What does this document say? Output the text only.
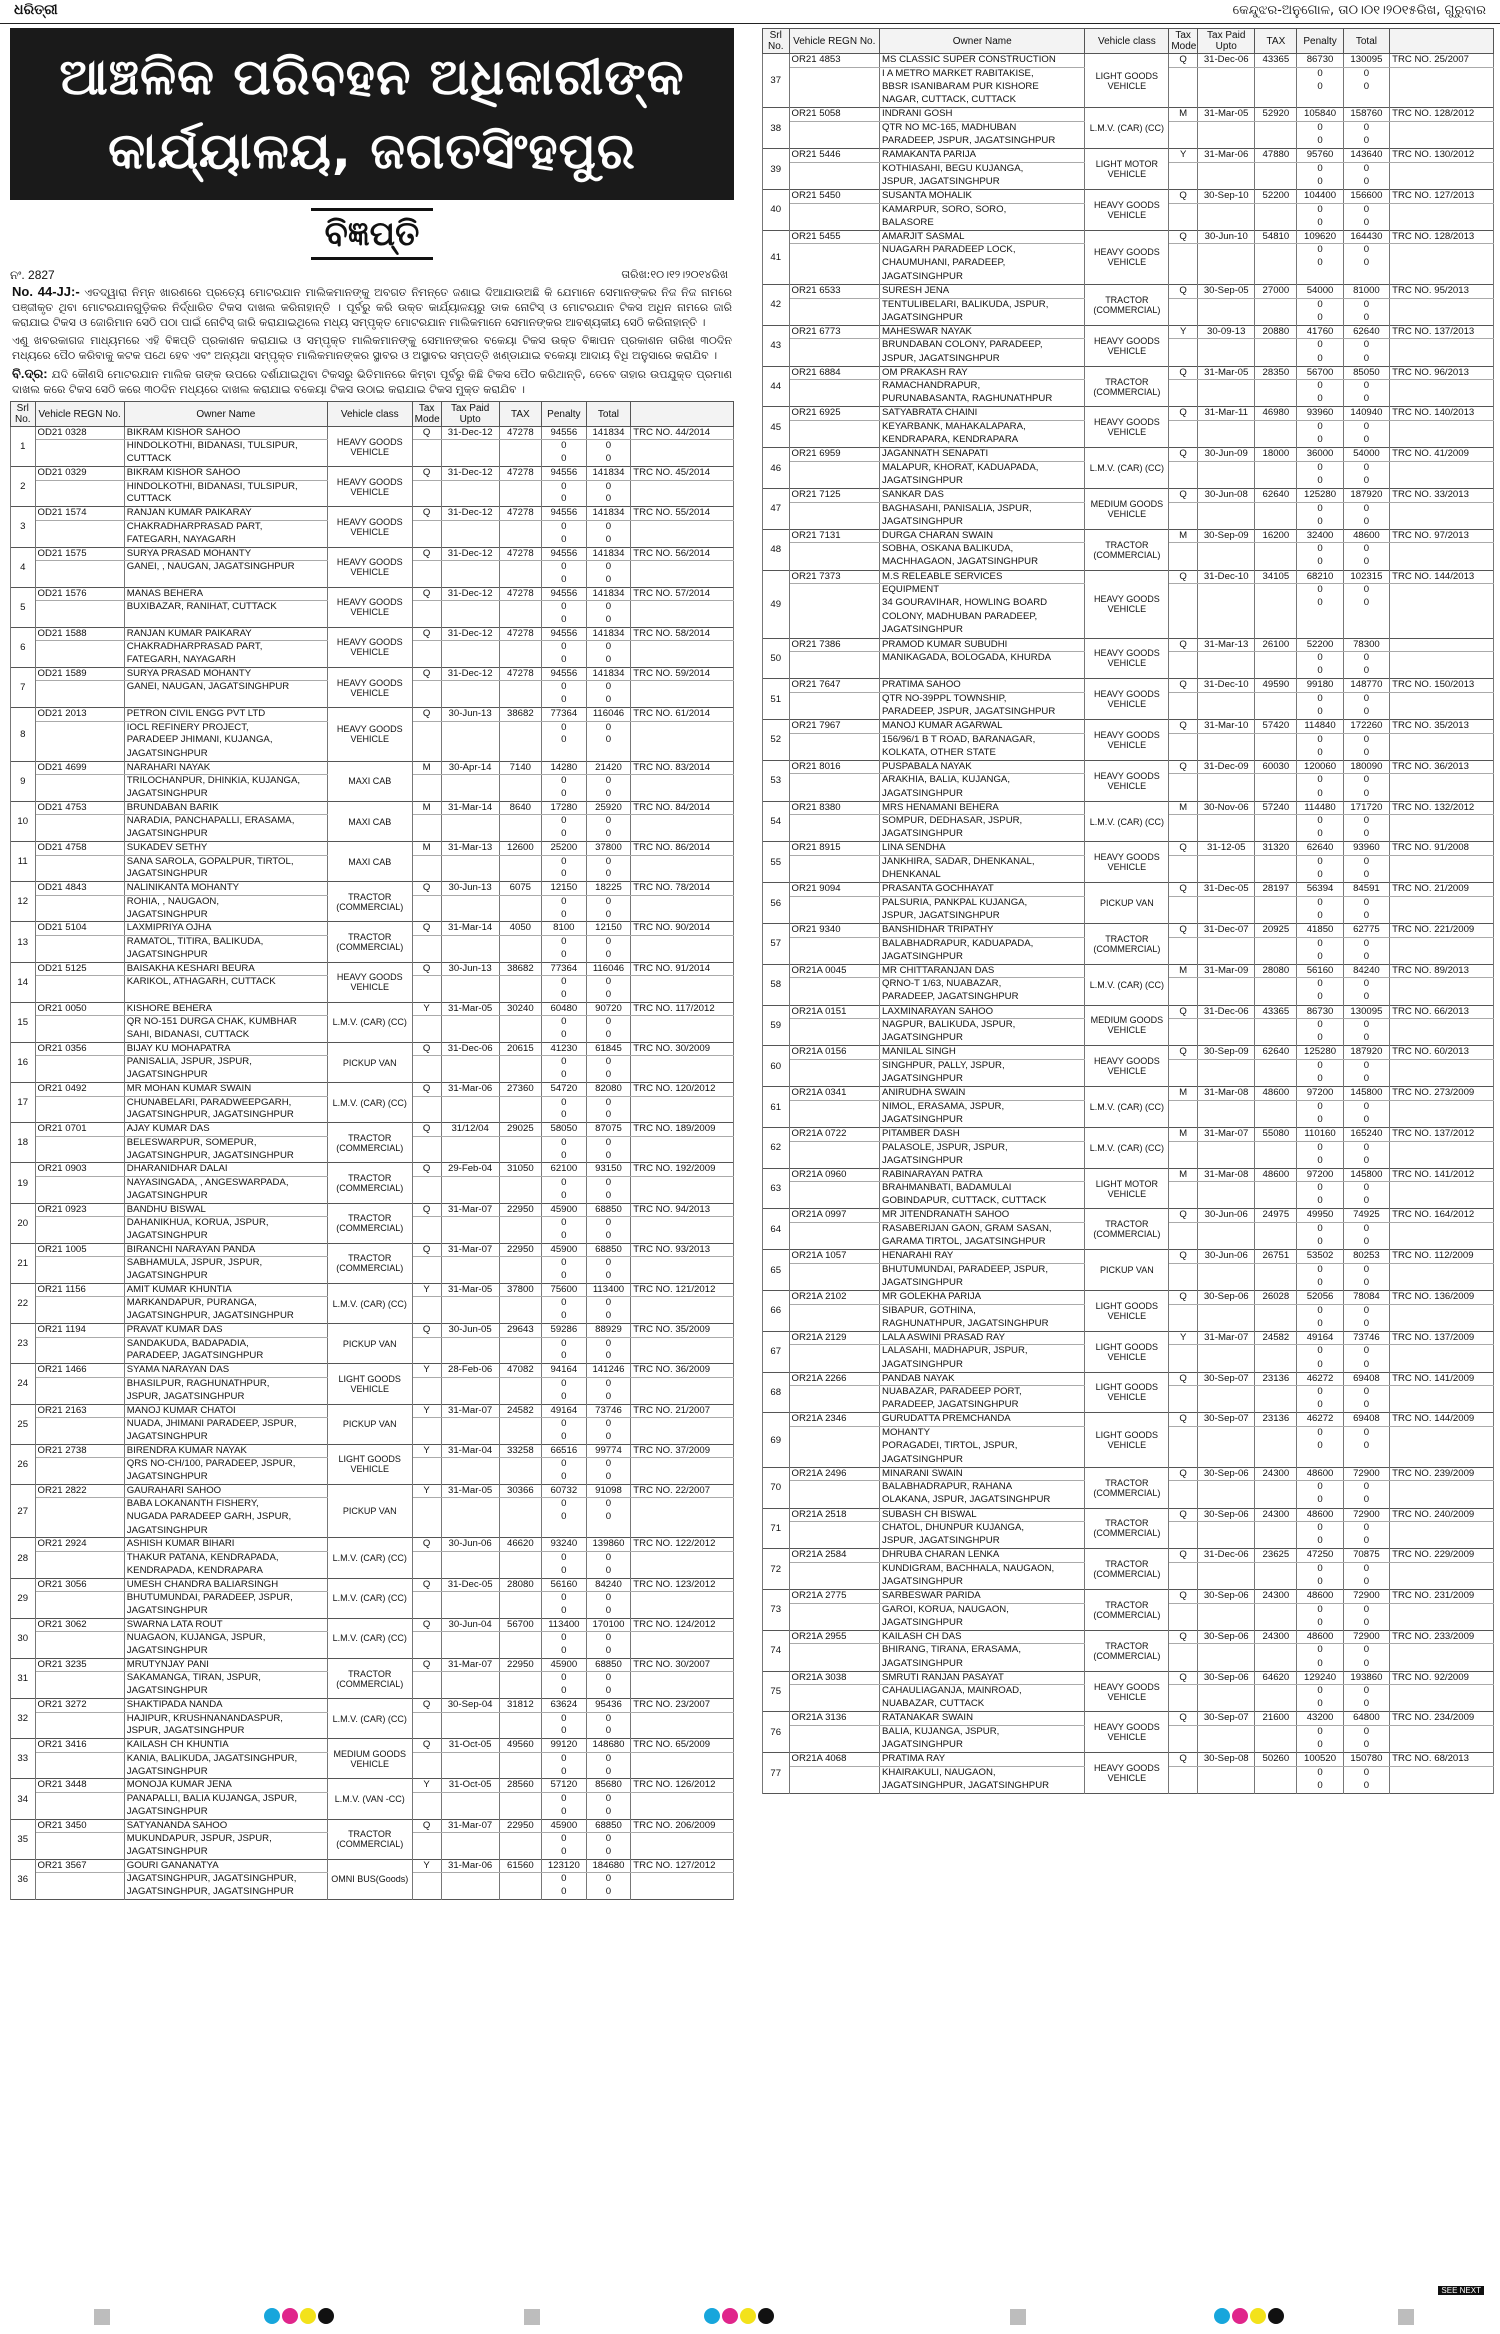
ଧରିତ୍ରୀ	କେନ୍ଦୁଝର-ଅନୁଗୋଳ, ତା୦।୦୧।୨୦୧୫ରିଖ, ଗୁରୁବାର
ଆଞ୍ଚଳିକ ପରିବହନ ଅଧିକାରୀଙ୍କ
କାର୍ଯ୍ୟାଳୟ, ଜଗତସିଂହପୁର
ବିଜ୍ଞପ୍ତି
ନଂ. 2827	ତାରିଖ:୧୦।୧୨।୨୦୧୪ରିଖ

No. 44-JJ:- ଏତଦ୍ୱାରା ନିମ୍ନ ଖାରଣରେ ପ୍ରତ୍ୟେ ମୋଟରଯାନ ମାଲିକମାନଙ୍କୁ ଅବଗତ ନିମନ୍ତେ ଜଣାଇ ଦିଆଯାଉଅଛି କି ଯେମାନେ ସେମାନଙ୍କର ନିଜ ନିଜ ନାମରେ ପଞ୍ଜୀକୃତ ଥିବା ମୋଟରଯାନଗୁଡ଼ିକର ନିର୍ଦ୍ଧାରିତ ଟିକସ ଦାଖଲ କରିନାହାନ୍ତି । ପୂର୍ବରୁ କରି ଉକ୍ତ କାର୍ଯ୍ୟାଳୟରୁ ଡାକ ନୋଟିସ୍ ଓ ମୋଟରଯାନ ଟିକସ ଅଧିନ ନାମରେ ଜାରି କରାଯାଇ ଟିକସ ଓ ଜୋରିମାନ ସେଠି ପଠା ପାଇଁ ନୋଟିସ୍ ଜାରି କରାଯାଇଥିଲେ ମଧ୍ୟ ସମ୍ପୃକ୍ତ ମୋଟରଯାନ ମାଲିକମାନେ ସେମାନଙ୍କର ଆବଶ୍ୟକୀୟ ସେଠି କରିନାହାନ୍ତି ।

ଏଣୁ ଖବରକାଗଜ ମାଧ୍ୟମରେ ଏହି ବିଜ୍ଞପ୍ତି ପ୍ରକାଶନ କରାଯାଇ ଓ ସମ୍ପୃକ୍ତ ମାଲିକମାନଙ୍କୁ ସେମାନଙ୍କର ବକେୟା ଟିକସ ଉକ୍ତ ବିଜ୍ଞାପନ ପ୍ରକାଶନ ତାରିଖ ୩୦ଦିନ ମଧ୍ୟରେ ପୈଠ କରିବାକୁ କଟକ ପଥେ ହେବ ଏବଂ ଅନ୍ୟଥା ସମ୍ପୃକ୍ତ ମାଲିକମାନଙ୍କର ସ୍ଥାବର ଓ ଅସ୍ଥାବର ସମ୍ପତ୍ତି ଖଣ୍ଡାଯାଇ ବକେୟା ଆଦାୟ ବିଧି ଅନୁସାରେ କରାଯିବ ।

ବି.ଦ୍ର: ଯଦି କୌଣସି ମୋଟରଯାନ ମାଲିକ ତାଙ୍କ ଉପରେ ଦର୍ଶାଯାଇଥିବା ଟିକସରୁ ଭିତିମାନରେ କିମ୍ବା ପୂର୍ବରୁ କିଛି ଟିକସ ପୈଠ କରିଥାନ୍ତି, ତେବେ ତାହାର ଉପଯୁକ୍ତ ପ୍ରମାଣ ଦାଖଲ କରେ ଟିକସ ସେଠି କରେ ୩୦ଦିନ ମଧ୍ୟରେ ଦାଖଲ କରାଯାଇ ବକେୟା ଟିକସ ଉଠାଇ କରାଯାଇ ଟିକସ ମୁକ୍ତ କରାଯିବ ।

Srl No.	Vehicle REGN No.	Owner Name	Vehicle class	Tax Mode	Tax Paid Upto	TAX	Penalty	Total	
1	OD21 0328	BIKRAM KISHOR SAHOO	HEAVY GOODS VEHICLE	Q	31-Dec-12	47278	94556	141834	TRC NO. 44/2014
		HINDOLKOTHI, BIDANASI, TULSIPUR,					0	0	
		CUTTACK					0	0	
2	OD21 0329	BIKRAM KISHOR SAHOO	HEAVY GOODS VEHICLE	Q	31-Dec-12	47278	94556	141834	TRC NO. 45/2014
		HINDOLKOTHI, BIDANASI, TULSIPUR,					0	0	
		CUTTACK					0	0	
3	OD21 1574	RANJAN KUMAR PAIKARAY	HEAVY GOODS VEHICLE	Q	31-Dec-12	47278	94556	141834	TRC NO. 55/2014
		CHAKRADHARPRASAD PART,					0	0	
		FATEGARH, NAYAGARH					0	0	
4	OD21 1575	SURYA PRASAD MOHANTY	HEAVY GOODS VEHICLE	Q	31-Dec-12	47278	94556	141834	TRC NO. 56/2014
		GANEI, , NAUGAN, JAGATSINGHPUR					0	0	
							0	0	
5	OD21 1576	MANAS BEHERA	HEAVY GOODS VEHICLE	Q	31-Dec-12	47278	94556	141834	TRC NO. 57/2014
		BUXIBAZAR, RANIHAT, CUTTACK					0	0	
							0	0	
6	OD21 1588	RANJAN KUMAR PAIKARAY	HEAVY GOODS VEHICLE	Q	31-Dec-12	47278	94556	141834	TRC NO. 58/2014
		CHAKRADHARPRASAD PART,					0	0	
		FATEGARH, NAYAGARH					0	0	
7	OD21 1589	SURYA PRASAD MOHANTY	HEAVY GOODS VEHICLE	Q	31-Dec-12	47278	94556	141834	TRC NO. 59/2014
		GANEI, NAUGAN, JAGATSINGHPUR					0	0	
							0	0	
8	OD21 2013	PETRON CIVIL ENGG PVT LTD	HEAVY GOODS VEHICLE	Q	30-Jun-13	38682	77364	116046	TRC NO. 61/2014
		IOCL REFINERY PROJECT,					0	0	
		PARADEEP JHIMANI, KUJANGA,					0	0	
		JAGATSINGHPUR							
9	OD21 4699	NARAHARI NAYAK	MAXI CAB	M	30-Apr-14	7140	14280	21420	TRC NO. 83/2014
		TRILOCHANPUR, DHINKIA, KUJANGA,					0	0	
		JAGATSINGHPUR					0	0	
10	OD21 4753	BRUNDABAN BARIK	MAXI CAB	M	31-Mar-14	8640	17280	25920	TRC NO. 84/2014
		NARADIA, PANCHAPALLI, ERASAMA,					0	0	
		JAGATSINGHPUR					0	0	
11	OD21 4758	SUKADEV SETHY	MAXI CAB	M	31-Mar-13	12600	25200	37800	TRC NO. 86/2014
		SANA SAROLA, GOPALPUR, TIRTOL,					0	0	
		JAGATSINGHPUR					0	0	
12	OD21 4843	NALINIKANTA MOHANTY	TRACTOR (COMMERCIAL)	Q	30-Jun-13	6075	12150	18225	TRC NO. 78/2014
		ROHIA, , NAUGAON,					0	0	
		JAGATSINGHPUR					0	0	
13	OD21 5104	LAXMIPRIYA OJHA	TRACTOR (COMMERCIAL)	Q	31-Mar-14	4050	8100	12150	TRC NO. 90/2014
		RAMATOL, TITIRA, BALIKUDA,					0	0	
		JAGATSINGHPUR					0	0	
14	OD21 5125	BAISAKHA KESHARI BEURA	HEAVY GOODS VEHICLE	Q	30-Jun-13	38682	77364	116046	TRC NO. 91/2014
		KARIKOL, ATHAGARH, CUTTACK					0	0	
							0	0	
15	OR21 0050	KISHORE BEHERA	L.M.V. (CAR) (CC)	Y	31-Mar-05	30240	60480	90720	TRC NO. 117/2012
		QR NO-151 DURGA CHAK, KUMBHAR					0	0	
		SAHI, BIDANASI, CUTTACK					0	0	
16	OR21 0356	BIJAY KU MOHAPATRA	PICKUP VAN	Q	31-Dec-06	20615	41230	61845	TRC NO. 30/2009
		PANISALIA, JSPUR, JSPUR,					0	0	
		JAGATSINGHPUR					0	0	
17	OR21 0492	MR MOHAN KUMAR SWAIN	L.M.V. (CAR) (CC)	Q	31-Mar-06	27360	54720	82080	TRC NO. 120/2012
		CHUNABELARI, PARADWEEPGARH,					0	0	
		JAGATSINGHPUR, JAGATSINGHPUR					0	0	
18	OR21 0701	AJAY KUMAR DAS	TRACTOR (COMMERCIAL)	Q	31/12/04	29025	58050	87075	TRC NO. 189/2009
		BELESWARPUR, SOMEPUR,					0	0	
		JAGATSINGHPUR, JAGATSINGHPUR					0	0	
19	OR21 0903	DHARANIDHAR DALAI	TRACTOR (COMMERCIAL)	Q	29-Feb-04	31050	62100	93150	TRC NO. 192/2009
		NAYASINGADA, , ANGESWARPADA,					0	0	
		JAGATSINGHPUR					0	0	
20	OR21 0923	BANDHU BISWAL	TRACTOR (COMMERCIAL)	Q	31-Mar-07	22950	45900	68850	TRC NO. 94/2013
		DAHANIKHUA, KORUA, JSPUR,					0	0	
		JAGATSINGHPUR					0	0	
21	OR21 1005	BIRANCHI NARAYAN PANDA	TRACTOR (COMMERCIAL)	Q	31-Mar-07	22950	45900	68850	TRC NO. 93/2013
		SABHAMULA, JSPUR, JSPUR,					0	0	
		JAGATSINGHPUR					0	0	
22	OR21 1156	AMIT KUMAR KHUNTIA	L.M.V. (CAR) (CC)	Y	31-Mar-05	37800	75600	113400	TRC NO. 121/2012
		MARKANDAPUR, PURANGA,					0	0	
		JAGATSINGHPUR, JAGATSINGHPUR					0	0	
23	OR21 1194	PRAVAT KUMAR DAS	PICKUP VAN	Q	30-Jun-05	29643	59286	88929	TRC NO. 35/2009
		SANDAKUDA, BADAPADIA,					0	0	
		PARADEEP, JAGATSINGHPUR					0	0	
24	OR21 1466	SYAMA NARAYAN DAS	LIGHT GOODS VEHICLE	Y	28-Feb-06	47082	94164	141246	TRC NO. 36/2009
		BHASILPUR, RAGHUNATHPUR,					0	0	
		JSPUR, JAGATSINGHPUR					0	0	
25	OR21 2163	MANOJ KUMAR CHATOI	PICKUP VAN	Y	31-Mar-07	24582	49164	73746	TRC NO. 21/2007
		NUADA, JHIMANI PARADEEP, JSPUR,					0	0	
		JAGATSINGHPUR					0	0	
26	OR21 2738	BIRENDRA KUMAR NAYAK	LIGHT GOODS VEHICLE	Y	31-Mar-04	33258	66516	99774	TRC NO. 37/2009
		QRS NO-CH/100, PARADEEP, JSPUR,					0	0	
		JAGATSINGHPUR					0	0	
27	OR21 2822	GAURAHARI SAHOO	PICKUP VAN	Y	31-Mar-05	30366	60732	91098	TRC NO. 22/2007
		BABA LOKANANTH FISHERY,					0	0	
		NUGADA PARADEEP GARH, JSPUR,					0	0	
		JAGATSINGHPUR							
28	OR21 2924	ASHISH KUMAR BIHARI	L.M.V. (CAR) (CC)	Q	30-Jun-06	46620	93240	139860	TRC NO. 122/2012
		THAKUR PATANA, KENDRAPADA,					0	0	
		KENDRAPADA, KENDRAPARA					0	0	
29	OR21 3056	UMESH CHANDRA BALIARSINGH	L.M.V. (CAR) (CC)	Q	31-Dec-05	28080	56160	84240	TRC NO. 123/2012
		BHUTUMUNDAI, PARADEEP, JSPUR,					0	0	
		JAGATSINGHPUR					0	0	
30	OR21 3062	SWARNA LATA ROUT	L.M.V. (CAR) (CC)	Q	30-Jun-04	56700	113400	170100	TRC NO. 124/2012
		NUAGAON, KUJANGA, JSPUR,					0	0	
		JAGATSINGHPUR					0	0	
31	OR21 3235	MRUTYNJAY PANI	TRACTOR (COMMERCIAL)	Q	31-Mar-07	22950	45900	68850	TRC NO. 30/2007
		SAKAMANGA, TIRAN, JSPUR,					0	0	
		JAGATSINGHPUR					0	0	
32	OR21 3272	SHAKTIPADA NANDA	L.M.V. (CAR) (CC)	Q	30-Sep-04	31812	63624	95436	TRC NO. 23/2007
		HAJIPUR, KRUSHNANANDASPUR,					0	0	
		JSPUR, JAGATSINGHPUR					0	0	
33	OR21 3416	KAILASH CH KHUNTIA	MEDIUM GOODS VEHICLE	Q	31-Oct-05	49560	99120	148680	TRC NO. 65/2009
		KANIA, BALIKUDA, JAGATSINGHPUR,					0	0	
		JAGATSINGHPUR					0	0	
34	OR21 3448	MONOJA KUMAR JENA	L.M.V. (VAN -CC)	Y	31-Oct-05	28560	57120	85680	TRC NO. 126/2012
		PANAPALLI, BALIA KUJANGA, JSPUR,					0	0	
		JAGATSINGHPUR					0	0	
35	OR21 3450	SATYANANDA SAHOO	TRACTOR (COMMERCIAL)	Q	31-Mar-07	22950	45900	68850	TRC NO. 206/2009
		MUKUNDAPUR, JSPUR, JSPUR,					0	0	
		JAGATSINGHPUR					0	0	
36	OR21 3567	GOURI GANANATYA	OMNI BUS(Goods)	Y	31-Mar-06	61560	123120	184680	TRC NO. 127/2012
		JAGATSINGHPUR, JAGATSINGHPUR,					0	0	
		JAGATSINGHPUR, JAGATSINGHPUR					0	0	
Srl No.	Vehicle REGN No.	Owner Name	Vehicle class	Tax Mode	Tax Paid Upto	TAX	Penalty	Total	
37	OR21 4853	MS CLASSIC SUPER CONSTRUCTION	LIGHT GOODS VEHICLE	Q	31-Dec-06	43365	86730	130095	TRC NO. 25/2007
		I A METRO MARKET RABITAKISE,					0	0	
		BBSR ISANIBARAM PUR KISHORE					0	0	
		NAGAR, CUTTACK, CUTTACK							
38	OR21 5058	INDRANI GOSH	L.M.V. (CAR) (CC)	M	31-Mar-05	52920	105840	158760	TRC NO. 128/2012
		QTR NO MC-165, MADHUBAN					0	0	
		PARADEEP, JSPUR, JAGATSINGHPUR					0	0	
39	OR21 5446	RAMAKANTA PARIJA	LIGHT MOTOR VEHICLE	Y	31-Mar-06	47880	95760	143640	TRC NO. 130/2012
		KOTHIASAHI, BEGU KUJANGA,					0	0	
		JSPUR, JAGATSINGHPUR					0	0	
40	OR21 5450	SUSANTA MOHALIK	HEAVY GOODS VEHICLE	Q	30-Sep-10	52200	104400	156600	TRC NO. 127/2013
		KAMARPUR, SORO, SORO,					0	0	
		BALASORE					0	0	
41	OR21 5455	AMARJIT SASMAL	HEAVY GOODS VEHICLE	Q	30-Jun-10	54810	109620	164430	TRC NO. 128/2013
		NUAGARH PARADEEP LOCK,					0	0	
		CHAUMUHANI, PARADEEP,					0	0	
		JAGATSINGHPUR							
42	OR21 6533	SURESH JENA	TRACTOR (COMMERCIAL)	Q	30-Sep-05	27000	54000	81000	TRC NO. 95/2013
		TENTULIBELARI, BALIKUDA, JSPUR,					0	0	
		JAGATSINGHPUR					0	0	
43	OR21 6773	MAHESWAR NAYAK	HEAVY GOODS VEHICLE	Y	30-09-13	20880	41760	62640	TRC NO. 137/2013
		BRUNDABAN COLONY, PARADEEP,					0	0	
		JSPUR, JAGATSINGHPUR					0	0	
44	OR21 6884	OM PRAKASH RAY	TRACTOR (COMMERCIAL)	Q	31-Mar-05	28350	56700	85050	TRC NO. 96/2013
		RAMACHANDRAPUR,					0	0	
		PURUNABASANTA, RAGHUNATHPUR					0	0	
45	OR21 6925	SATYABRATA CHAINI	HEAVY GOODS VEHICLE	Q	31-Mar-11	46980	93960	140940	TRC NO. 140/2013
		KEYARBANK, MAHAKALAPARA,					0	0	
		KENDRAPARA, KENDRAPARA					0	0	
46	OR21 6959	JAGANNATH SENAPATI	L.M.V. (CAR) (CC)	Q	30-Jun-09	18000	36000	54000	TRC NO. 41/2009
		MALAPUR, KHORAT, KADUAPADA,					0	0	
		JAGATSINGHPUR					0	0	
47	OR21 7125	SANKAR DAS	MEDIUM GOODS VEHICLE	Q	30-Jun-08	62640	125280	187920	TRC NO. 33/2013
		BAGHASAHI, PANISALIA, JSPUR,					0	0	
		JAGATSINGHPUR					0	0	
48	OR21 7131	DURGA CHARAN SWAIN	TRACTOR (COMMERCIAL)	M	30-Sep-09	16200	32400	48600	TRC NO. 97/2013
		SOBHA, OSKANA BALIKUDA,					0	0	
		MACHHAGAON, JAGATSINGHPUR					0	0	
49	OR21 7373	M.S RELEABLE SERVICES	HEAVY GOODS VEHICLE	Q	31-Dec-10	34105	68210	102315	TRC NO. 144/2013
		EQUIPMENT					0	0	
		34 GOURAVIHAR, HOWLING BOARD					0	0	
		COLONY, MADHUBAN PARADEEP,							
		JAGATSINGHPUR							
50	OR21 7386	PRAMOD KUMAR SUBUDHI	HEAVY GOODS VEHICLE	Q	31-Mar-13	26100	52200	78300	
		MANIKAGADA, BOLOGADA, KHURDA					0	0	
							0	0	
51	OR21 7647	PRATIMA SAHOO	HEAVY GOODS VEHICLE	Q	31-Dec-10	49590	99180	148770	TRC NO. 150/2013
		QTR NO-39PPL TOWNSHIP,					0	0	
		PARADEEP, JSPUR, JAGATSINGHPUR					0	0	
52	OR21 7967	MANOJ KUMAR AGARWAL	HEAVY GOODS VEHICLE	Q	31-Mar-10	57420	114840	172260	TRC NO. 35/2013
		156/96/1 B T ROAD, BARANAGAR,					0	0	
		KOLKATA, OTHER STATE					0	0	
53	OR21 8016	PUSPABALA NAYAK	HEAVY GOODS VEHICLE	Q	31-Dec-09	60030	120060	180090	TRC NO. 36/2013
		ARAKHIA, BALIA, KUJANGA,					0	0	
		JAGATSINGHPUR					0	0	
54	OR21 8380	MRS HENAMANI BEHERA	L.M.V. (CAR) (CC)	M	30-Nov-06	57240	114480	171720	TRC NO. 132/2012
		SOMPUR, DEDHASAR, JSPUR,					0	0	
		JAGATSINGHPUR					0	0	
55	OR21 8915	LINA SENDHA	HEAVY GOODS VEHICLE	Q	31-12-05	31320	62640	93960	TRC NO. 91/2008
		JANKHIRA, SADAR, DHENKANAL,					0	0	
		DHENKANAL					0	0	
56	OR21 9094	PRASANTA GOCHHAYAT	PICKUP VAN	Q	31-Dec-05	28197	56394	84591	TRC NO. 21/2009
		PALSURIA, PANKPAL KUJANGA,					0	0	
		JSPUR, JAGATSINGHPUR					0	0	
57	OR21 9340	BANSHIDHAR TRIPATHY	TRACTOR (COMMERCIAL)	Q	31-Dec-07	20925	41850	62775	TRC NO. 221/2009
		BALABHADRAPUR, KADUAPADA,					0	0	
		JAGATSINGHPUR					0	0	
58	OR21A 0045	MR CHITTARANJAN DAS	L.M.V. (CAR) (CC)	M	31-Mar-09	28080	56160	84240	TRC NO. 89/2013
		QRNO-T 1/63, NUABAZAR,					0	0	
		PARADEEP, JAGATSINGHPUR					0	0	
59	OR21A 0151	LAXMINARAYAN SAHOO	MEDIUM GOODS VEHICLE	Q	31-Dec-06	43365	86730	130095	TRC NO. 66/2013
		NAGPUR, BALIKUDA, JSPUR,					0	0	
		JAGATSINGHPUR					0	0	
60	OR21A 0156	MANILAL SINGH	HEAVY GOODS VEHICLE	Q	30-Sep-09	62640	125280	187920	TRC NO. 60/2013
		SINGHPUR, PALLY, JSPUR,					0	0	
		JAGATSINGHPUR					0	0	
61	OR21A 0341	ANIRUDHA SWAIN	L.M.V. (CAR) (CC)	M	31-Mar-08	48600	97200	145800	TRC NO. 273/2009
		NIMOL, ERASAMA, JSPUR,					0	0	
		JAGATSINGHPUR					0	0	
62	OR21A 0722	PITAMBER DASH	L.M.V. (CAR) (CC)	M	31-Mar-07	55080	110160	165240	TRC NO. 137/2012
		PALASOLE, JSPUR, JSPUR,					0	0	
		JAGATSINGHPUR					0	0	
63	OR21A 0960	RABINARAYAN PATRA	LIGHT MOTOR VEHICLE	M	31-Mar-08	48600	97200	145800	TRC NO. 141/2012
		BRAHMANBATI, BADAMULAI					0	0	
		GOBINDAPUR, CUTTACK, CUTTACK					0	0	
64	OR21A 0997	MR JITENDRANATH SAHOO	TRACTOR (COMMERCIAL)	Q	30-Jun-06	24975	49950	74925	TRC NO. 164/2012
		RASABERIJAN GAON, GRAM SASAN,					0	0	
		GARAMA TIRTOL, JAGATSINGHPUR					0	0	
65	OR21A 1057	HENARAHI RAY	PICKUP VAN	Q	30-Jun-06	26751	53502	80253	TRC NO. 112/2009
		BHUTUMUNDAI, PARADEEP, JSPUR,					0	0	
		JAGATSINGHPUR					0	0	
66	OR21A 2102	MR GOLEKHA PARIJA	LIGHT GOODS VEHICLE	Q	30-Sep-06	26028	52056	78084	TRC NO. 136/2009
		SIBAPUR, GOTHINA,					0	0	
		RAGHUNATHPUR, JAGATSINGHPUR					0	0	
67	OR21A 2129	LALA ASWINI PRASAD RAY	LIGHT GOODS VEHICLE	Y	31-Mar-07	24582	49164	73746	TRC NO. 137/2009
		LALASAHI, MADHAPUR, JSPUR,					0	0	
		JAGATSINGHPUR					0	0	
68	OR21A 2266	PANDAB NAYAK	LIGHT GOODS VEHICLE	Q	30-Sep-07	23136	46272	69408	TRC NO. 141/2009
		NUABAZAR, PARADEEP PORT,					0	0	
		PARADEEP, JAGATSINGHPUR					0	0	
69	OR21A 2346	GURUDATTA PREMCHANDA	LIGHT GOODS VEHICLE	Q	30-Sep-07	23136	46272	69408	TRC NO. 144/2009
		MOHANTY					0	0	
		PORAGADEI, TIRTOL, JSPUR,					0	0	
		JAGATSINGHPUR							
70	OR21A 2496	MINARANI SWAIN	TRACTOR (COMMERCIAL)	Q	30-Sep-06	24300	48600	72900	TRC NO. 239/2009
		BALABHADRAPUR, RAHANA					0	0	
		OLAKANA, JSPUR, JAGATSINGHPUR					0	0	
71	OR21A 2518	SUBASH CH BISWAL	TRACTOR (COMMERCIAL)	Q	30-Sep-06	24300	48600	72900	TRC NO. 240/2009
		CHATOL, DHUNPUR KUJANGA,					0	0	
		JSPUR, JAGATSINGHPUR					0	0	
72	OR21A 2584	DHRUBA CHARAN LENKA	TRACTOR (COMMERCIAL)	Q	31-Dec-06	23625	47250	70875	TRC NO. 229/2009
		KUNDIGRAM, BACHHALA, NAUGAON,					0	0	
		JAGATSINGHPUR					0	0	
73	OR21A 2775	SARBESWAR PARIDA	TRACTOR (COMMERCIAL)	Q	30-Sep-06	24300	48600	72900	TRC NO. 231/2009
		GAROI, KORUA, NAUGAON,					0	0	
		JAGATSINGHPUR					0	0	
74	OR21A 2955	KAILASH CH DAS	TRACTOR (COMMERCIAL)	Q	30-Sep-06	24300	48600	72900	TRC NO. 233/2009
		BHIRANG, TIRANA, ERASAMA,					0	0	
		JAGATSINGHPUR					0	0	
75	OR21A 3038	SMRUTI RANJAN PASAYAT	HEAVY GOODS VEHICLE	Q	30-Sep-06	64620	129240	193860	TRC NO. 92/2009
		CAHAULIAGANJA, MAINROAD,					0	0	
		NUABAZAR, CUTTACK					0	0	
76	OR21A 3136	RATANAKAR SWAIN	HEAVY GOODS VEHICLE	Q	30-Sep-07	21600	43200	64800	TRC NO. 234/2009
		BALIA, KUJANGA, JSPUR,					0	0	
		JAGATSINGHPUR					0	0	
77	OR21A 4068	PRATIMA RAY	HEAVY GOODS VEHICLE	Q	30-Sep-08	50260	100520	150780	TRC NO. 68/2013
		KHAIRAKULI, NAUGAON,					0	0	
		JAGATSINGHPUR, JAGATSINGHPUR					0	0	
SEE NEXT
